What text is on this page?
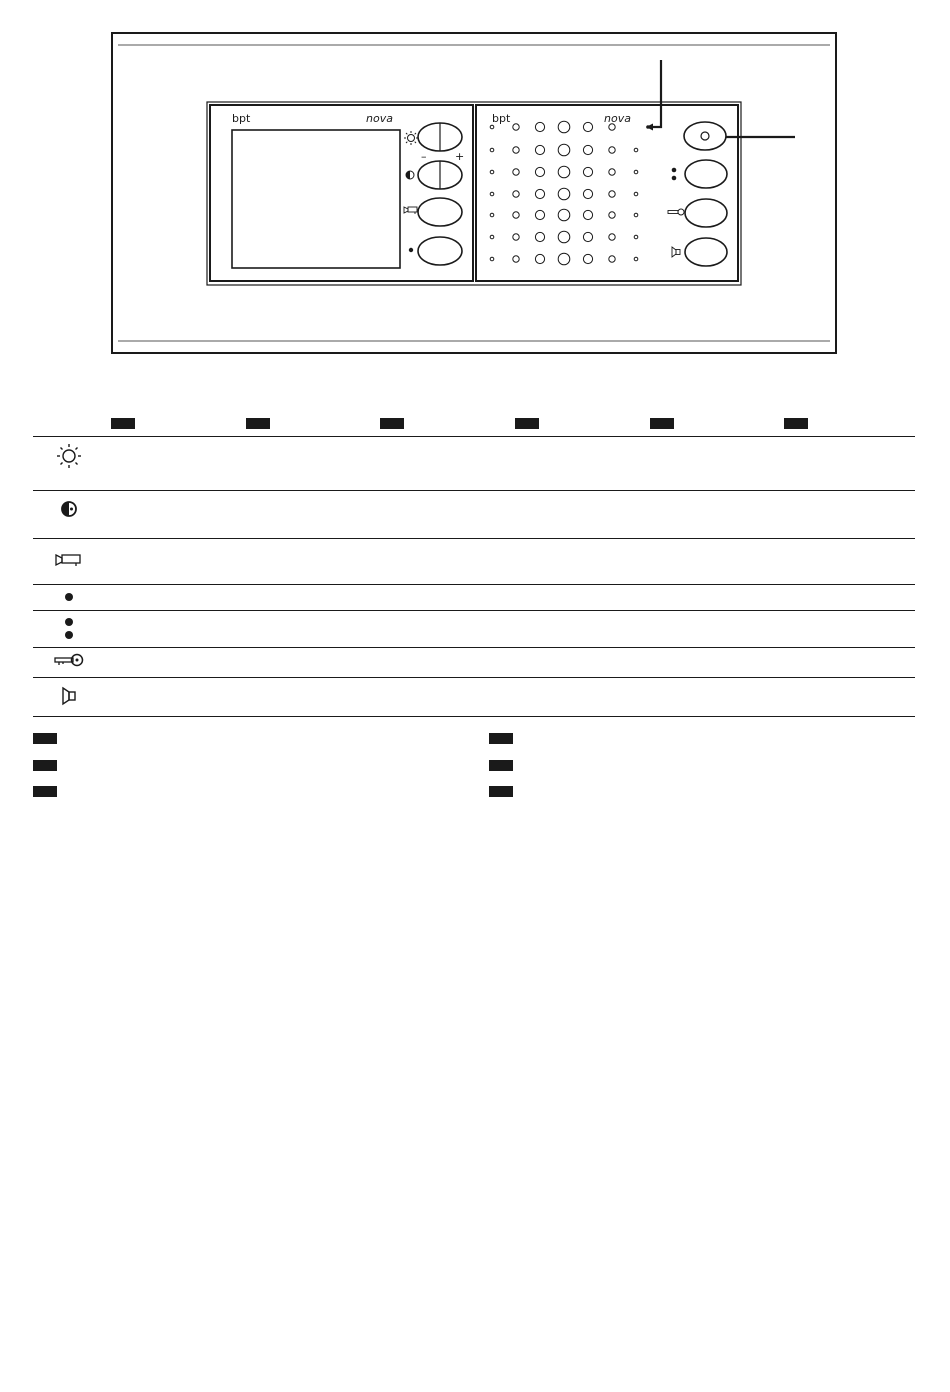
bpt	nova
–	+
bpt	nova
